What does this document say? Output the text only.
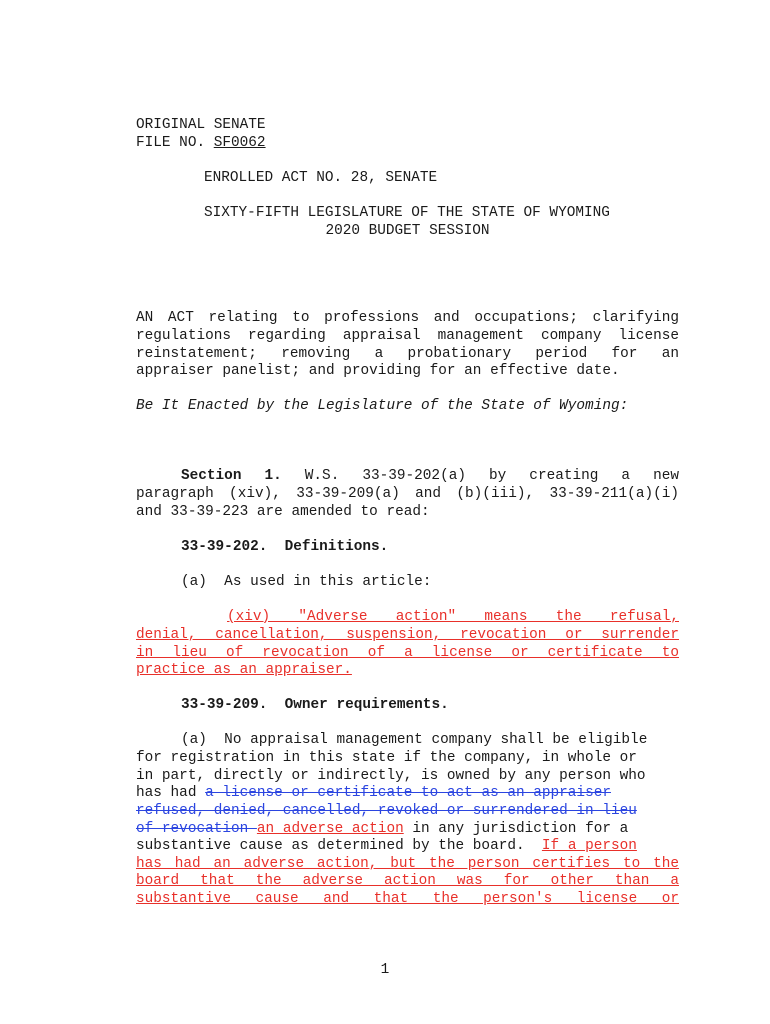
ORIGINAL SENATE
FILE NO. SF0062
ENROLLED ACT NO. 28, SENATE
SIXTY-FIFTH LEGISLATURE OF THE STATE OF WYOMING
2020 BUDGET SESSION
AN ACT relating to professions and occupations; clarifying
regulations regarding appraisal management company license
reinstatement; removing a probationary period for an
appraiser panelist; and providing for an effective date.
Be It Enacted by the Legislature of the State of Wyoming:
Section 1. W.S. 33-39-202(a) by creating a new
paragraph (xiv), 33-39-209(a) and (b)(iii), 33-39-211(a)(i)
and 33-39-223 are amended to read:
33-39-202.  Definitions.
(a)  As used in this article:
(xiv) "Adverse action" means the refusal,
denial, cancellation, suspension, revocation or surrender
in lieu of revocation of a license or certificate to
practice as an appraiser.
33-39-209.  Owner requirements.
(a)  No appraisal management company shall be eligible
for registration in this state if the company, in whole or
in part, directly or indirectly, is owned by any person who
has had a license or certificate to act as an appraiser
refused, denied, cancelled, revoked or surrendered in lieu
of revocation an adverse action in any jurisdiction for a
substantive cause as determined by the board. If a person
has had an adverse action, but the person certifies to the
board that the adverse action was for other than a
substantive cause and that the person's license or
1
